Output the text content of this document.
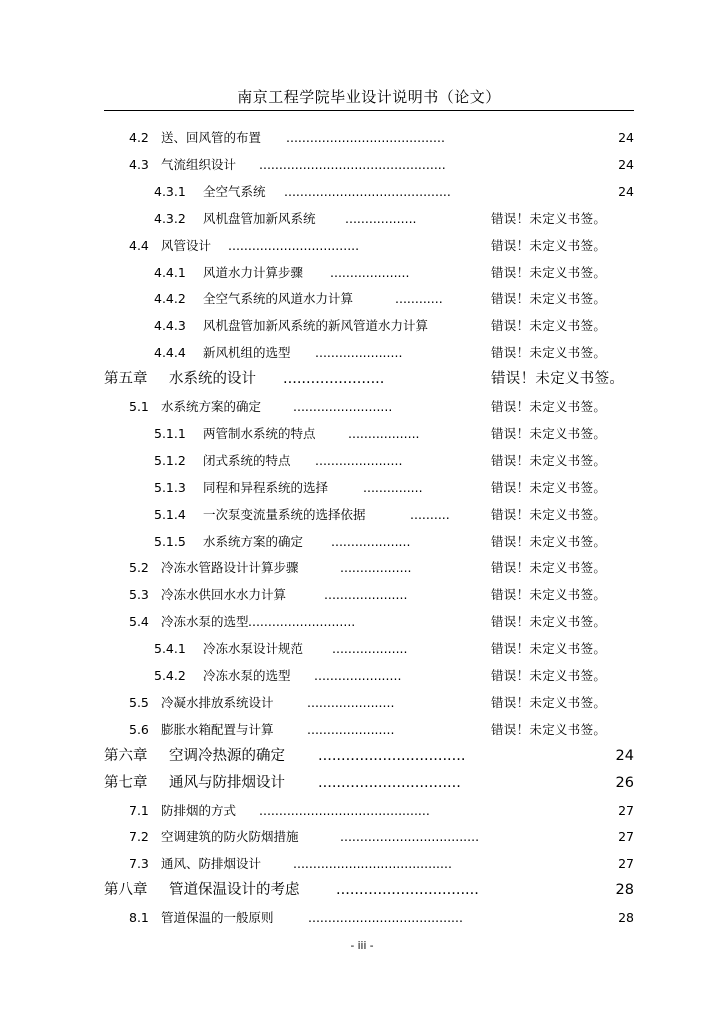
南京工程学院毕业设计说明书（论文）
4.2 送、回风管的布置 ........................................	24
4.3 气流组织设计 ...............................................	24
4.3.1 全空气系统 ..........................................	24
4.3.2 风机盘管加新风系统 ..................	错误！未定义书签。
4.4 风管设计 .................................	错误！未定义书签。
4.4.1 风道水力计算步骤 ....................	错误！未定义书签。
4.4.2 全空气系统的风道水力计算	............	错误！未定义书签。
4.4.3 风机盘管加新风系统的新风管道水力计算	错误！未定义书签。
4.4.4 新风机组的选型 ......................	错误！未定义书签。
第五章 水系统的设计 ......................	错误！未定义书签。
5.1 水系统方案的确定	.........................	错误！未定义书签。
5.1.1 两管制水系统的特点	..................	错误！未定义书签。
5.1.2 闭式系统的特点 ......................	错误！未定义书签。
5.1.3 同程和异程系统的选择	...............	错误！未定义书签。
5.1.4 一次泵变流量系统的选择依据	..........	错误！未定义书签。
5.1.5 水系统方案的确定 ....................	错误！未定义书签。
5.2 冷冻水管路设计计算步骤	..................	错误！未定义书签。
5.3 冷冻水供回水水力计算	.....................	错误！未定义书签。
5.4 冷冻水泵的选型 ...........................	错误！未定义书签。
5.4.1 冷冻水泵设计规范 ...................	错误！未定义书签。
5.4.2 冷冻水泵的选型 ......................	错误！未定义书签。
5.5 冷凝水排放系统设计	......................	错误！未定义书签。
5.6 膨胀水箱配置与计算	......................	错误！未定义书签。
第六章 空调冷热源的确定 ................................	24
第七章 通风与防排烟设计 ...............................	26
7.1 防排烟的方式 ...........................................	27
7.2 空调建筑的防火防烟措施	...................................	27
7.3 通风、防排烟设计	........................................	27
第八章 管道保温设计的考虑	...............................	28
8.1 管道保温的一般原则	.......................................	28
- iii -
